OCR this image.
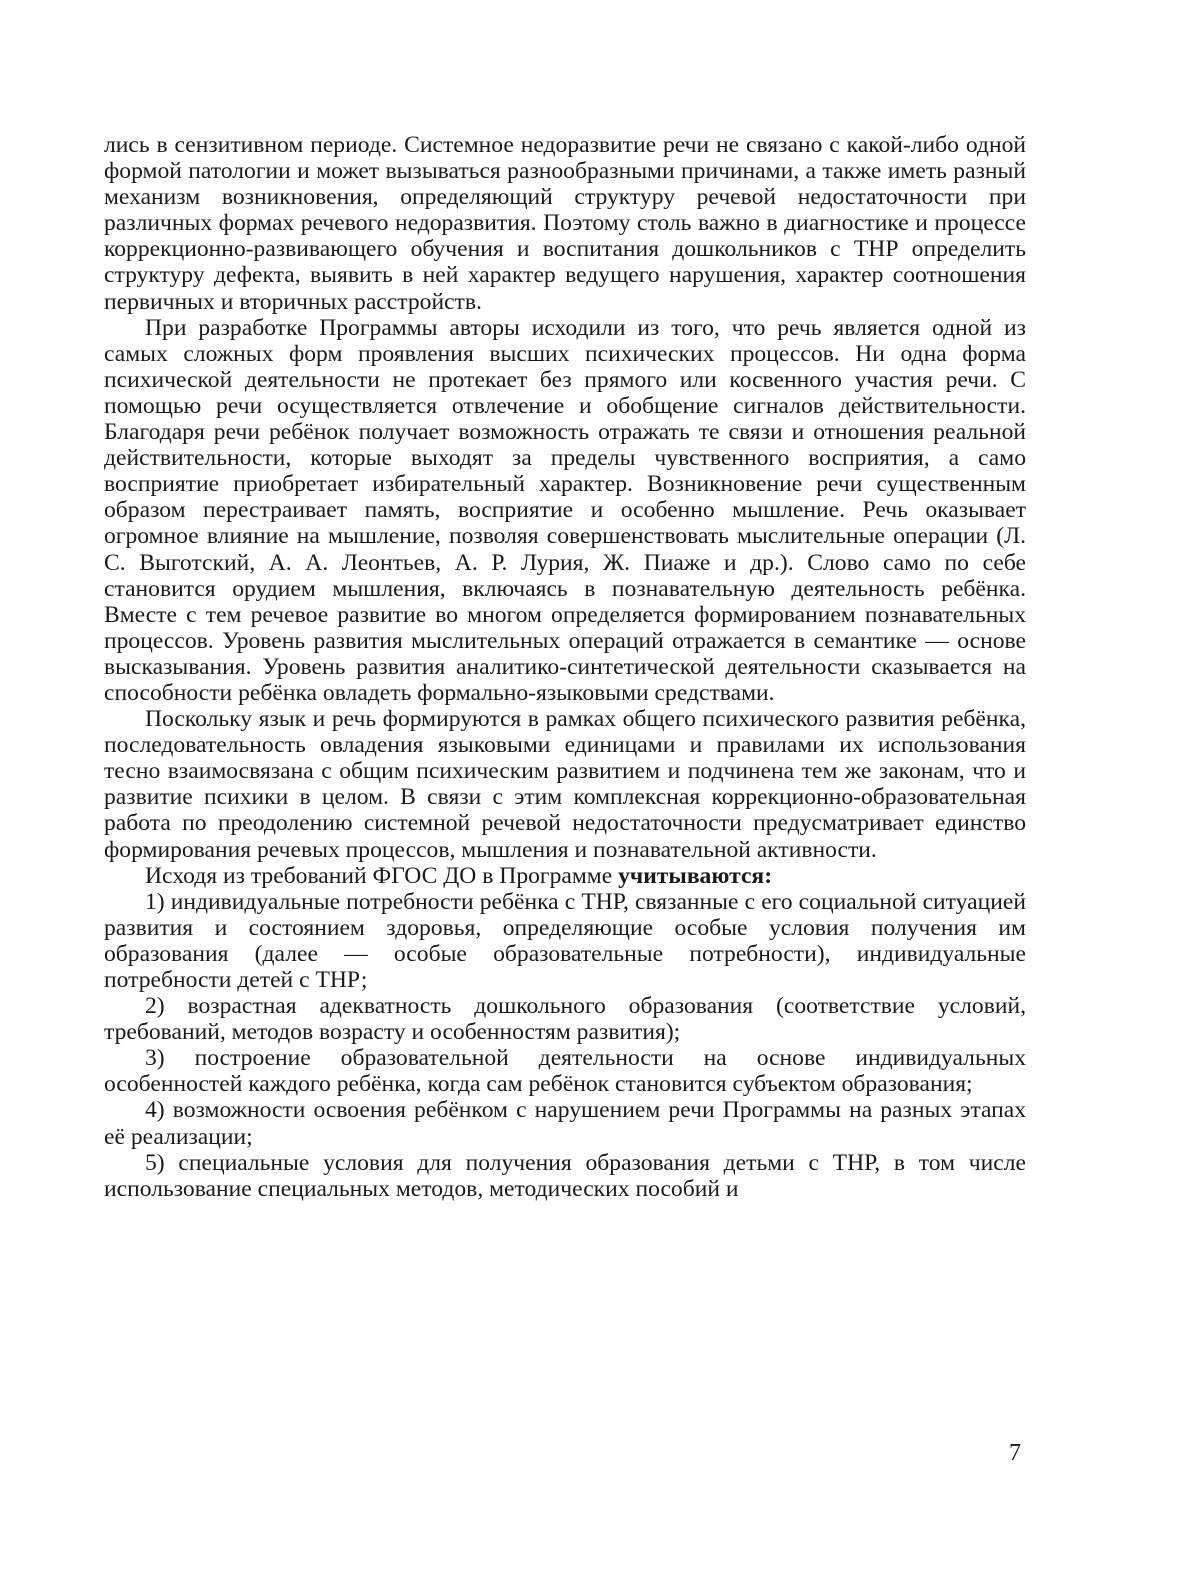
лись в сензитивном периоде. Системное недоразвитие речи не связано с какой-либо одной формой патологии и может вызываться разнообразными причинами, а также иметь разный механизм возникновения, определяющий структуру речевой недостаточности при различных формах речевого недоразвития. Поэтому столь важно в диагностике и процессе коррекционно-развивающего обучения и воспитания дошкольников с ТНР определить структуру дефекта, выявить в ней характер ведущего нарушения, характер соотношения первичных и вторичных расстройств.

При разработке Программы авторы исходили из того, что речь является одной из самых сложных форм проявления высших психических процессов. Ни одна форма психической деятельности не протекает без прямого или косвенного участия речи. С помощью речи осуществляется отвлечение и обобщение сигналов действительности. Благодаря речи ребёнок получает возможность отражать те связи и отношения реальной действительности, которые выходят за пределы чувственного восприятия, а само восприятие приобретает избирательный характер. Возникновение речи существенным образом перестраивает память, восприятие и особенно мышление. Речь оказывает огромное влияние на мышление, позволяя совершенствовать мыслительные операции (Л. С. Выготский, А. А. Леонтьев, А. Р. Лурия, Ж. Пиаже и др.). Слово само по себе становится орудием мышления, включаясь в познавательную деятельность ребёнка. Вместе с тем речевое развитие во многом определяется формированием познавательных процессов. Уровень развития мыслительных операций отражается в семантике — основе высказывания. Уровень развития аналитико-синтетической деятельности сказывается на способности ребёнка овладеть формально-языковыми средствами.

Поскольку язык и речь формируются в рамках общего психического развития ребёнка, последовательность овладения языковыми единицами и правилами их использования тесно взаимосвязана с общим психическим развитием и подчинена тем же законам, что и развитие психики в целом. В связи с этим комплексная коррекционно-образовательная работа по преодолению системной речевой недостаточности предусматривает единство формирования речевых процессов, мышления и познавательной активности.

Исходя из требований ФГОС ДО в Программе учитываются:

1) индивидуальные потребности ребёнка с ТНР, связанные с его социальной ситуацией развития и состоянием здоровья, определяющие особые условия получения им образования (далее — особые образовательные потребности), индивидуальные потребности детей с ТНР;

2) возрастная адекватность дошкольного образования (соответствие условий, требований, методов возрасту и особенностям развития);

3) построение образовательной деятельности на основе индивидуальных особенностей каждого ребёнка, когда сам ребёнок становится субъектом образования;

4) возможности освоения ребёнком с нарушением речи Программы на разных этапах её реализации;

5) специальные условия для получения образования детьми с ТНР, в том числе использование специальных методов, методических пособий и

7
